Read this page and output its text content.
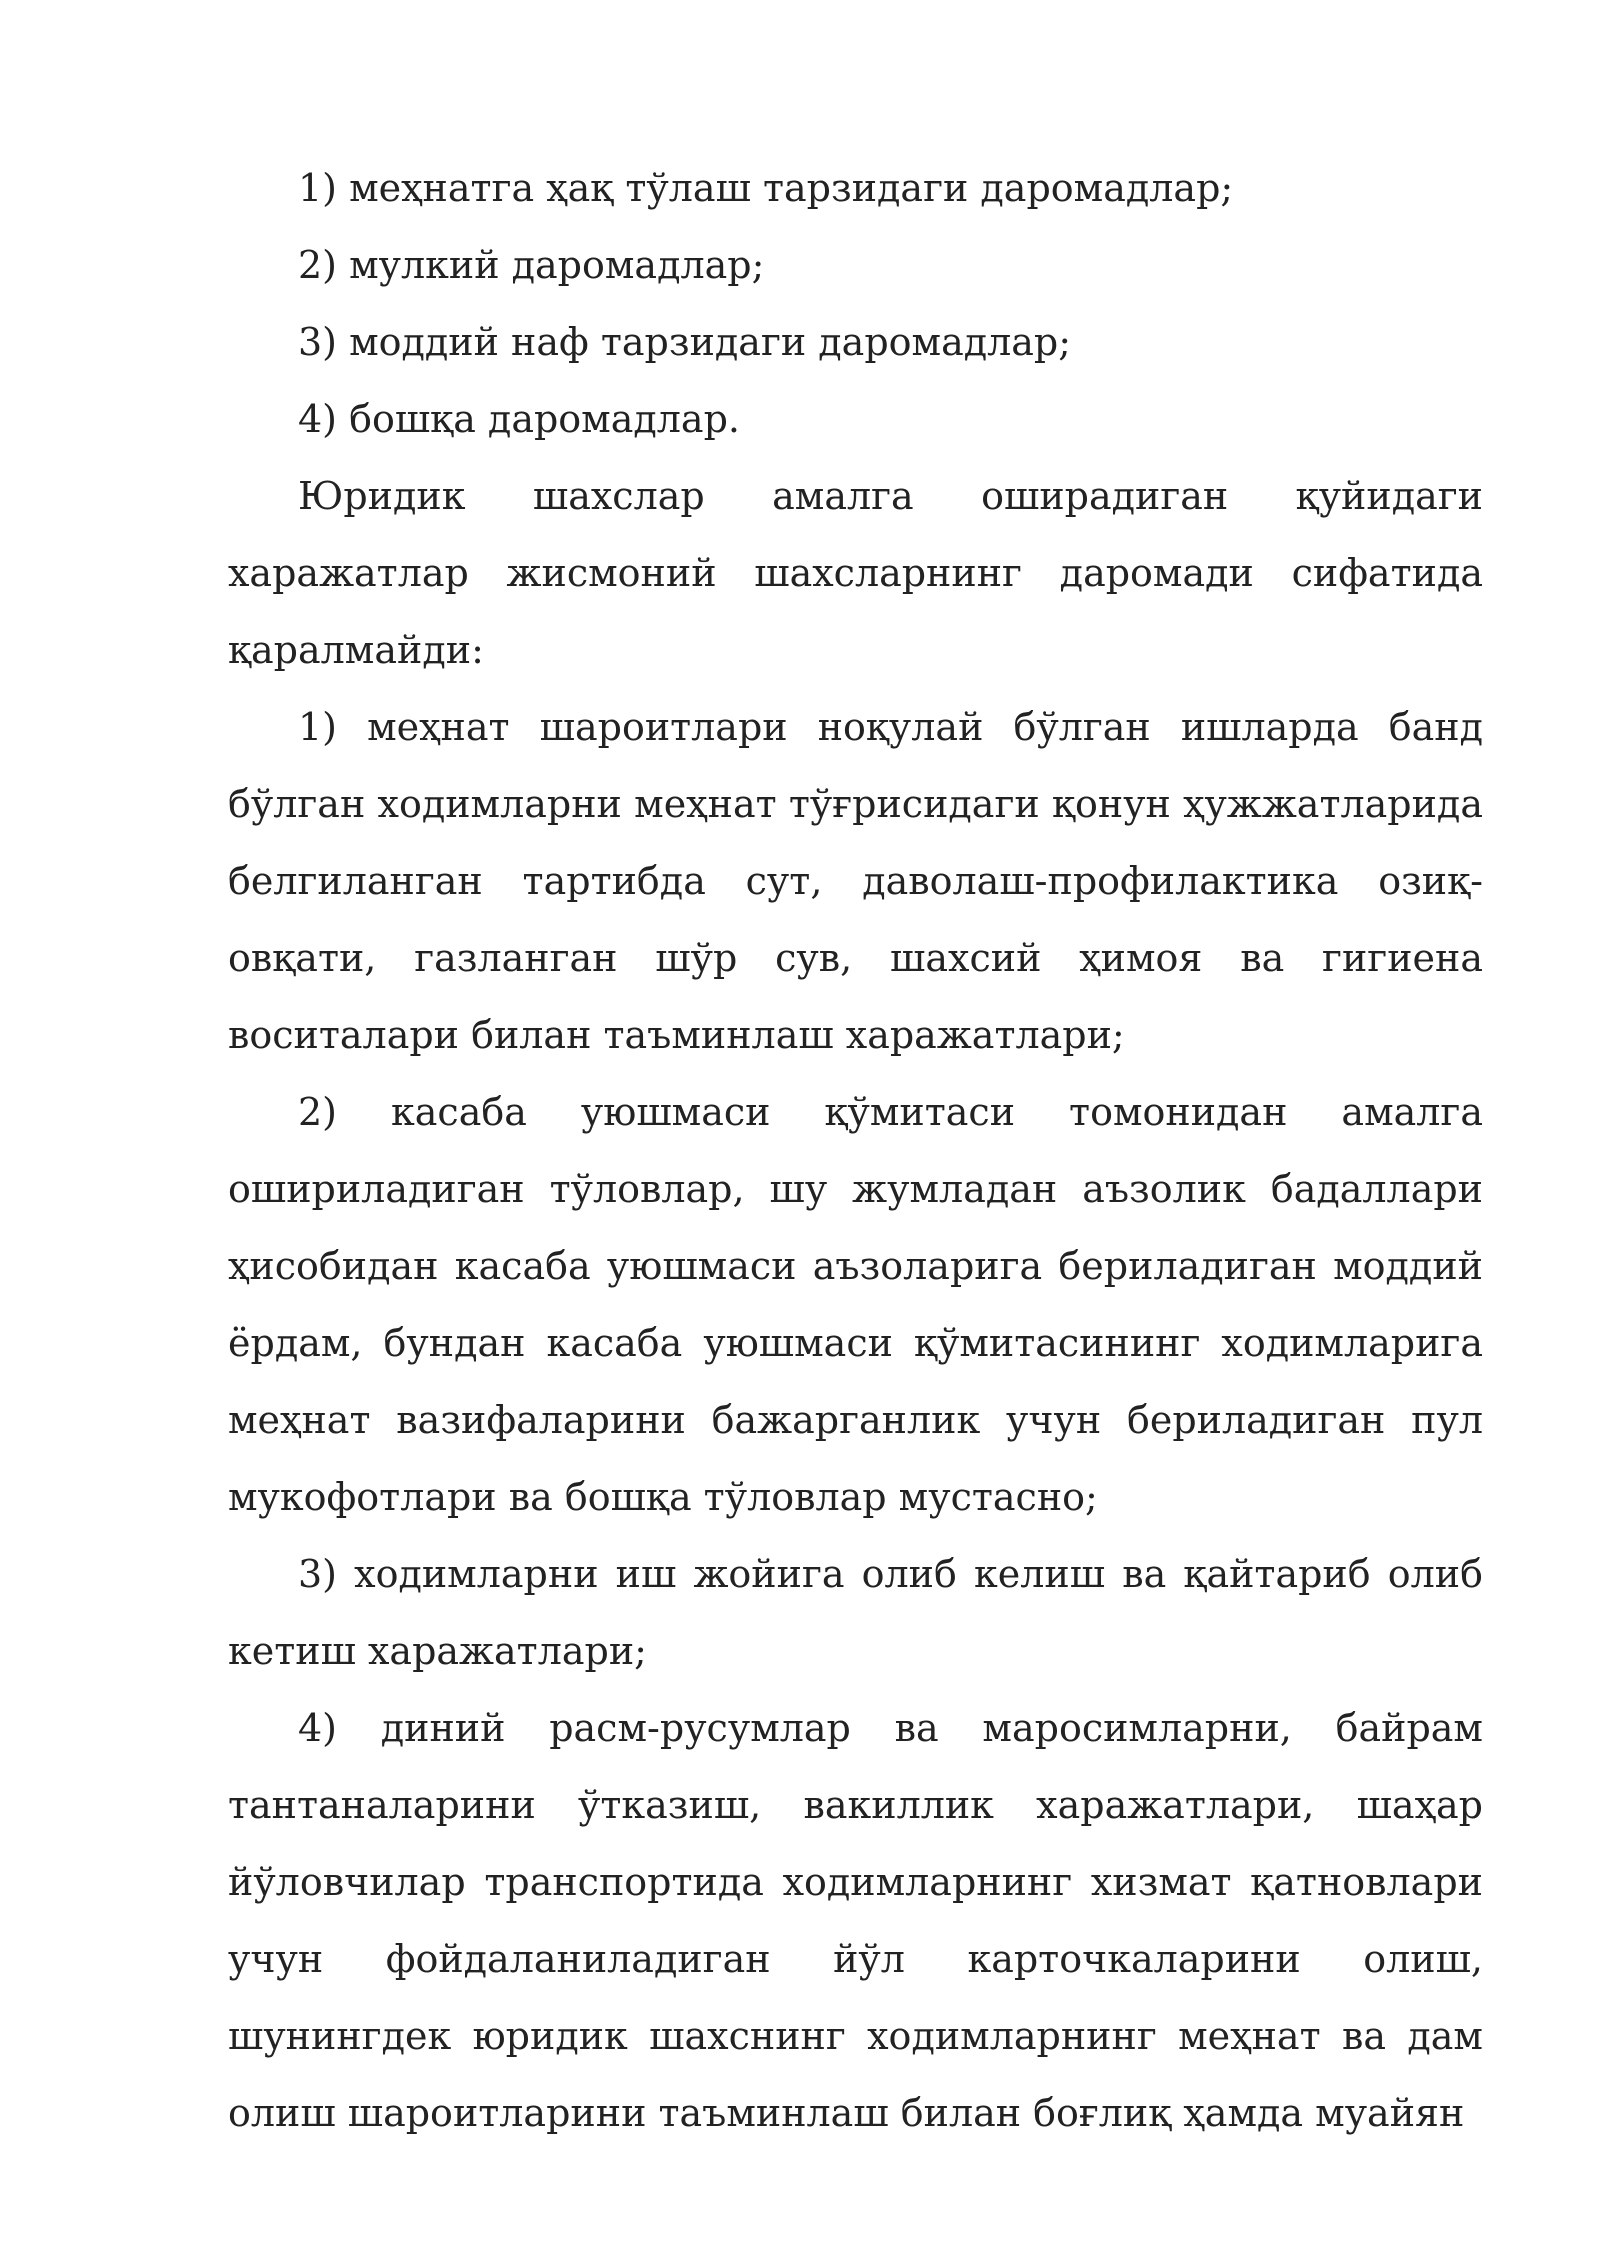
1) меҳнатга ҳақ тўлаш тарзидаги даромадлар;

2) мулкий даромадлар;

3) моддий наф тарзидаги даромадлар;

4) бошқа даромадлар.

Юридик шахслар амалга оширадиган қуйидаги харажатлар жисмоний шахсларнинг даромади сифатида қаралмайди:

1) меҳнат шароитлари ноқулай бўлган ишларда банд бўлган ходимларни меҳнат тўғрисидаги қонун ҳужжатларида белгиланган тартибда сут, даволаш-профилактика озиқ-овқати, газланган шўр сув, шахсий ҳимоя ва гигиена воситалари билан таъминлаш харажатлари;

2) касаба уюшмаси қўмитаси томонидан амалга ошириладиган тўловлар, шу жумладан аъзолик бадаллари ҳисобидан касаба уюшмаси аъзоларига бериладиган моддий ёрдам, бундан касаба уюшмаси қўмитасининг ходимларига меҳнат вазифаларини бажарганлик учун бериладиган пул мукофотлари ва бошқа тўловлар мустасно;

3) ходимларни иш жойига олиб келиш ва қайтариб олиб кетиш харажатлари;

4) диний расм-русумлар ва маросимларни, байрам тантаналарини ўтказиш, вакиллик харажатлари, шаҳар йўловчилар транспортида ходимларнинг хизмат қатновлари учун фойдаланиладиган йўл карточкаларини олиш, шунингдек юридик шахснинг ходимларнинг меҳнат ва дам олиш шароитларини таъминлаш билан боғлиқ ҳамда муайян
